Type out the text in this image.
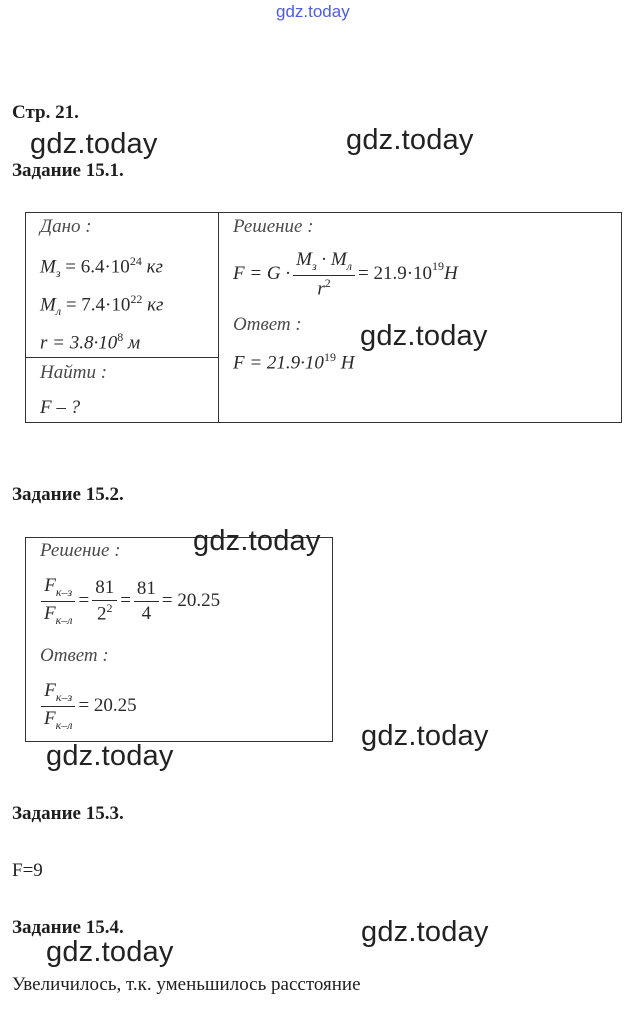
gdz.today
Стр. 21.
gdz.today	gdz.today
Задание 15.1.
Дано :
$M_з = 6.4\cdot 10^{24}$ кг
$M_л = 7.4\cdot 10^{22}$ кг
$r = 3.8\cdot 10^8$ м
Найти :
F – ?
Решение :
$F = G \cdot \frac{M_з \cdot M_л}{r^2} = 21.9\cdot 10^{19}$ H
Ответ :
$F = 21.9\cdot 10^{19}$ H
gdz.today
Задание 15.2.
Решение :
$\frac{F_{к-з}}{F_{к-л}} = \frac{81}{2^2} = \frac{81}{4} = 20.25$
Ответ :
$\frac{F_{к-з}}{F_{к-л}} = 20.25$
gdz.today
gdz.today
gdz.today
Задание 15.3.
F=9
Задание 15.4.	gdz.today
gdz.today
Увеличилось, т.к. уменьшилось расстояние
